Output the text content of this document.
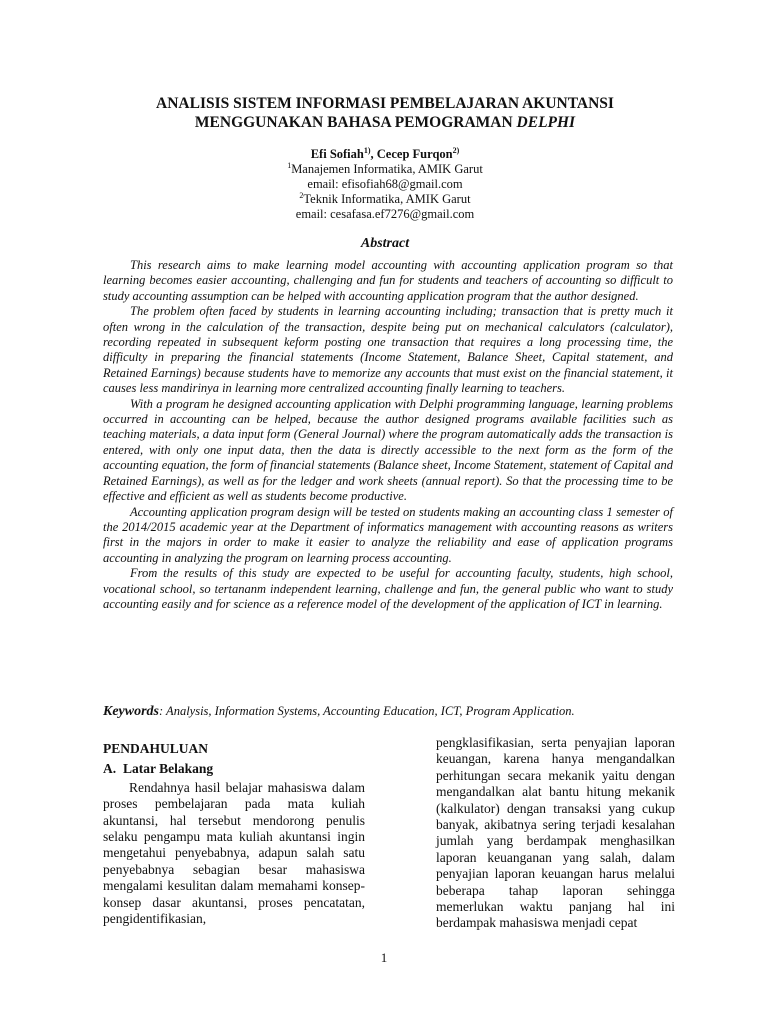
ANALISIS SISTEM INFORMASI PEMBELAJARAN AKUNTANSI
MENGGUNAKAN BAHASA PEMOGRAMAN DELPHI
Efi Sofiah$^{1)}$, Cecep Furqon$^{2)}$
$^1$Manajemen Informatika, AMIK Garut
email: efisofiah68@gmail.com
$^2$Teknik Informatika, AMIK Garut
email: cesafasa.ef7276@gmail.com
Abstract

This research aims to make learning model accounting with accounting application program so that learning becomes easier accounting, challenging and fun for students and teachers of accounting so difficult to study accounting assumption can be helped with accounting application program that the author designed.

The problem often faced by students in learning accounting including; transaction that is pretty much it often wrong in the calculation of the transaction, despite being put on mechanical calculators (calculator), recording repeated in subsequent keform posting one transaction that requires a long processing time, the difficulty in preparing the financial statements (Income Statement, Balance Sheet, Capital statement, and Retained Earnings) because students have to memorize any accounts that must exist on the financial statement, it causes less mandirinya in learning more centralized accounting finally learning to teachers.

With a program he designed accounting application with Delphi programming language, learning problems occurred in accounting can be helped, because the author designed programs available facilities such as teaching materials, a data input form (General Journal) where the program automatically adds the transaction is entered, with only one input data, then the data is directly accessible to the next form as the form of the accounting equation, the form of financial statements (Balance sheet, Income Statement, statement of Capital and Retained Earnings), as well as for the ledger and work sheets (annual report). So that the processing time to be effective and efficient as well as students become productive.

Accounting application program design will be tested on students making an accounting class 1 semester of the 2014/2015 academic year at the Department of informatics management with accounting reasons as writers first in the majors in order to make it easier to analyze the reliability and ease of application programs accounting in analyzing the program on learning process accounting.

From the results of this study are expected to be useful for accounting faculty, students, high school, vocational school, so tertananm independent learning, challenge and fun, the general public who want to study accounting easily and for science as a reference model of the development of the application of ICT in learning.

Keywords: Analysis, Information Systems, Accounting Education, ICT, Program Application.
PENDAHULUAN
A. Latar Belakang

Rendahnya hasil belajar mahasiswa dalam proses pembelajaran pada mata kuliah akuntansi, hal tersebut mendorong penulis selaku pengampu mata kuliah akuntansi ingin mengetahui penyebabnya, adapun salah satu penyebabnya sebagian besar mahasiswa mengalami kesulitan dalam memahami konsep-konsep dasar akuntansi, proses pencatatan, pengidentifikasian,

pengklasifikasian, serta penyajian laporan keuangan, karena hanya mengandalkan perhitungan secara mekanik yaitu dengan mengandalkan alat bantu hitung mekanik (kalkulator) dengan transaksi yang cukup banyak, akibatnya sering terjadi kesalahan jumlah yang berdampak menghasilkan laporan keuanganan yang salah, dalam penyajian laporan keuangan harus melalui beberapa tahap laporan sehingga memerlukan waktu panjang hal ini berdampak mahasiswa menjadi cepat

1
